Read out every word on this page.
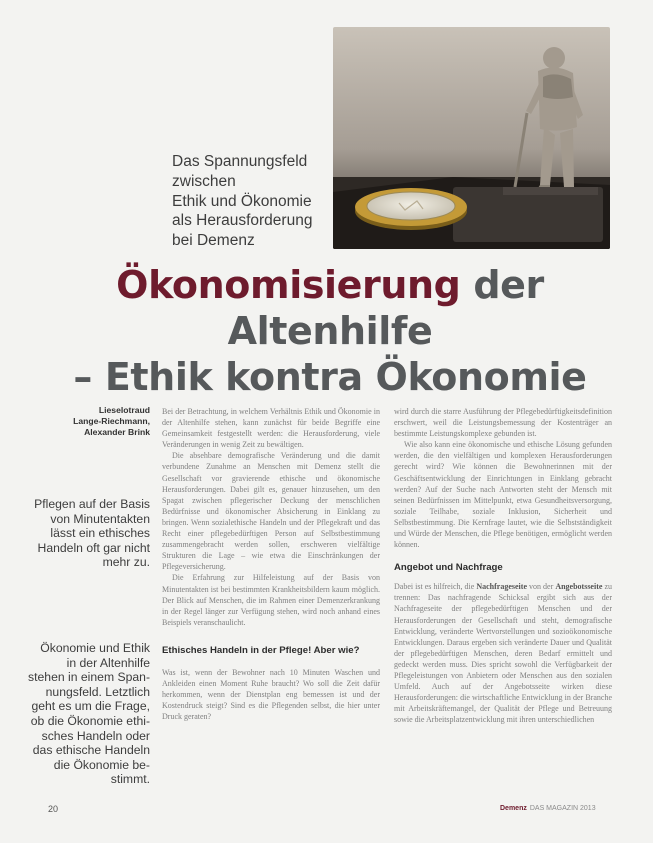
Das Spannungsfeld
zwischen
Ethik und Ökonomie
als Herausforderung
bei Demenz
Ökonomisierung der Altenhilfe
– Ethik kontra Ökonomie
Lieselotraud
Lange-Riechmann,
Alexander Brink
Pflegen auf der Basis
von Minutentakten
lässt ein ethisches
Handeln oft gar nicht
mehr zu.
Ökonomie und Ethik
in der Altenhilfe
stehen in einem Span-
nungsfeld. Letztlich
geht es um die Frage,
ob die Ökonomie ethi-
sches Handeln oder
das ethische Handeln
die Ökonomie be-
stimmt.

Bei der Betrachtung, in welchem Verhältnis Ethik und Ökonomie in der Altenhilfe stehen, kann zunächst für beide Begriffe eine Gemeinsamkeit festgestellt werden: die Herausforderung, viele Veränderungen in wenig Zeit zu bewältigen.

Die absehbare demografische Veränderung und die damit verbundene Zunahme an Menschen mit Demenz stellt die Gesellschaft vor gravierende ethische und ökonomische Herausforderungen. Dabei gilt es, genauer hinzusehen, um den Spagat zwischen pflegerischer Deckung der menschlichen Bedürfnisse und ökonomischer Absicherung in Einklang zu bringen. Wenn sozialethische Handeln und der Pflegekraft und das Recht einer pflegebedürftigen Person auf Selbstbestimmung zusammengebracht werden sollen, erschweren vielfältige Strukturen die Lage – wie etwa die Einschränkungen der Pflegeversicherung.

Die Erfahrung zur Hilfeleistung auf der Basis von Minutentakten ist bei bestimmten Krankheitsbildern kaum möglich. Der Blick auf Menschen, die im Rahmen einer Demenzerkrankung in der Regel länger zur Verfügung stehen, wird noch anhand eines Beispiels veranschaulicht.

Ethisches Handeln in der Pflege! Aber wie?

Was ist, wenn der Bewohner nach 10 Minuten Waschen und Ankleiden einen Moment Ruhe braucht? Wo soll die Zeit dafür herkommen, wenn der Dienstplan eng bemessen ist und der Kostendruck steigt? Sind es die Pflegenden selbst, die hier unter Druck geraten?

wird durch die starre Ausführung der Pflegebedürftigkeitsdefinition erschwert, weil die Leistungsbemessung der Kostenträger an bestimmte Leistungskomplexe gebunden ist.

Wie also kann eine ökonomische und ethische Lösung gefunden werden, die den vielfältigen und komplexen Herausforderungen gerecht wird? Wie können die Bewohnerinnen mit der Geschäftsentwicklung der Einrichtungen in Einklang gebracht werden? Auf der Suche nach Antworten steht der Mensch mit seinen Bedürfnissen im Mittelpunkt, etwa Gesundheitsversorgung, soziale Teilhabe, soziale Inklusion, Sicherheit und Selbstbestimmung. Die Kernfrage lautet, wie die Selbstständigkeit und Würde der Menschen, die Pflege benötigen, ermöglicht werden können.

Angebot und Nachfrage

Dabei ist es hilfreich, die Nachfrageseite von der Angebotsseite zu trennen: Das nachfragende Schicksal ergibt sich aus der Nachfrageseite der pflegebedürftigen Menschen und der Herausforderungen der Gesellschaft und steht, demografische Entwicklung, veränderte Wertvorstellungen und sozioökonomische Entwicklungen. Daraus ergeben sich veränderte Dauer und Qualität der pflegebedürftigen Menschen, deren Bedarf ermittelt und gedeckt werden muss. Dies spricht sowohl die Verfügbarkeit der Pflegeleistungen von Anbietern oder Menschen aus den sozialen Umfeld. Auch auf der Angebotsseite wirken diese Herausforderungen: die wirtschaftliche Entwicklung in der Branche mit Arbeitskräftemangel, der Qualität der Pflege und Betreuung sowie die Arbeitsplatzentwicklung mit ihren unterschiedlichen

20	Demenz DAS MAGAZIN 2013
